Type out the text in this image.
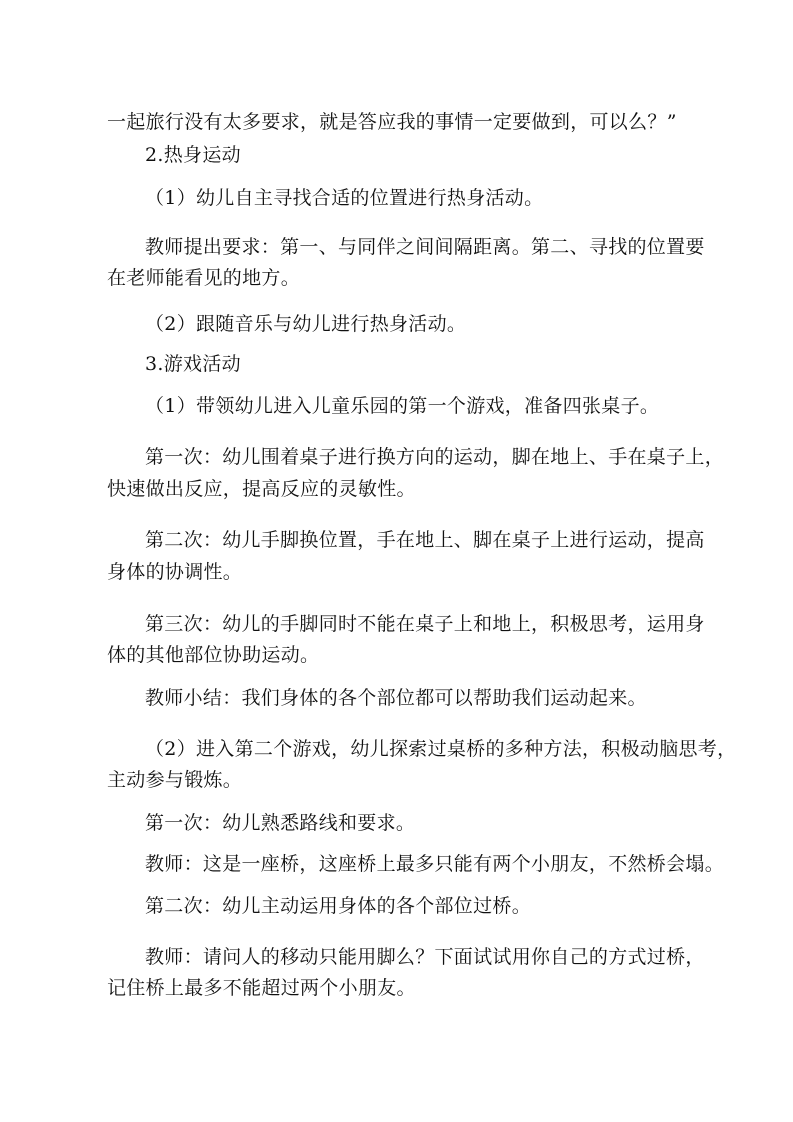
一起旅行没有太多要求，就是答应我的事情一定要做到，可以么？”
2.热身运动
（1）幼儿自主寻找合适的位置进行热身活动。
教师提出要求：第一、与同伴之间间隔距离。第二、寻找的位置要
在老师能看见的地方。
（2）跟随音乐与幼儿进行热身活动。
3.游戏活动
（1）带领幼儿进入儿童乐园的第一个游戏，准备四张桌子。
第一次：幼儿围着桌子进行换方向的运动，脚在地上、手在桌子上，
快速做出反应，提高反应的灵敏性。
第二次：幼儿手脚换位置，手在地上、脚在桌子上进行运动，提高
身体的协调性。
第三次：幼儿的手脚同时不能在桌子上和地上，积极思考，运用身
体的其他部位协助运动。
教师小结：我们身体的各个部位都可以帮助我们运动起来。
（2）进入第二个游戏，幼儿探索过桌桥的多种方法，积极动脑思考，
主动参与锻炼。
第一次：幼儿熟悉路线和要求。
教师：这是一座桥，这座桥上最多只能有两个小朋友，不然桥会塌。
第二次：幼儿主动运用身体的各个部位过桥。
教师：请问人的移动只能用脚么？下面试试用你自己的方式过桥，
记住桥上最多不能超过两个小朋友。
